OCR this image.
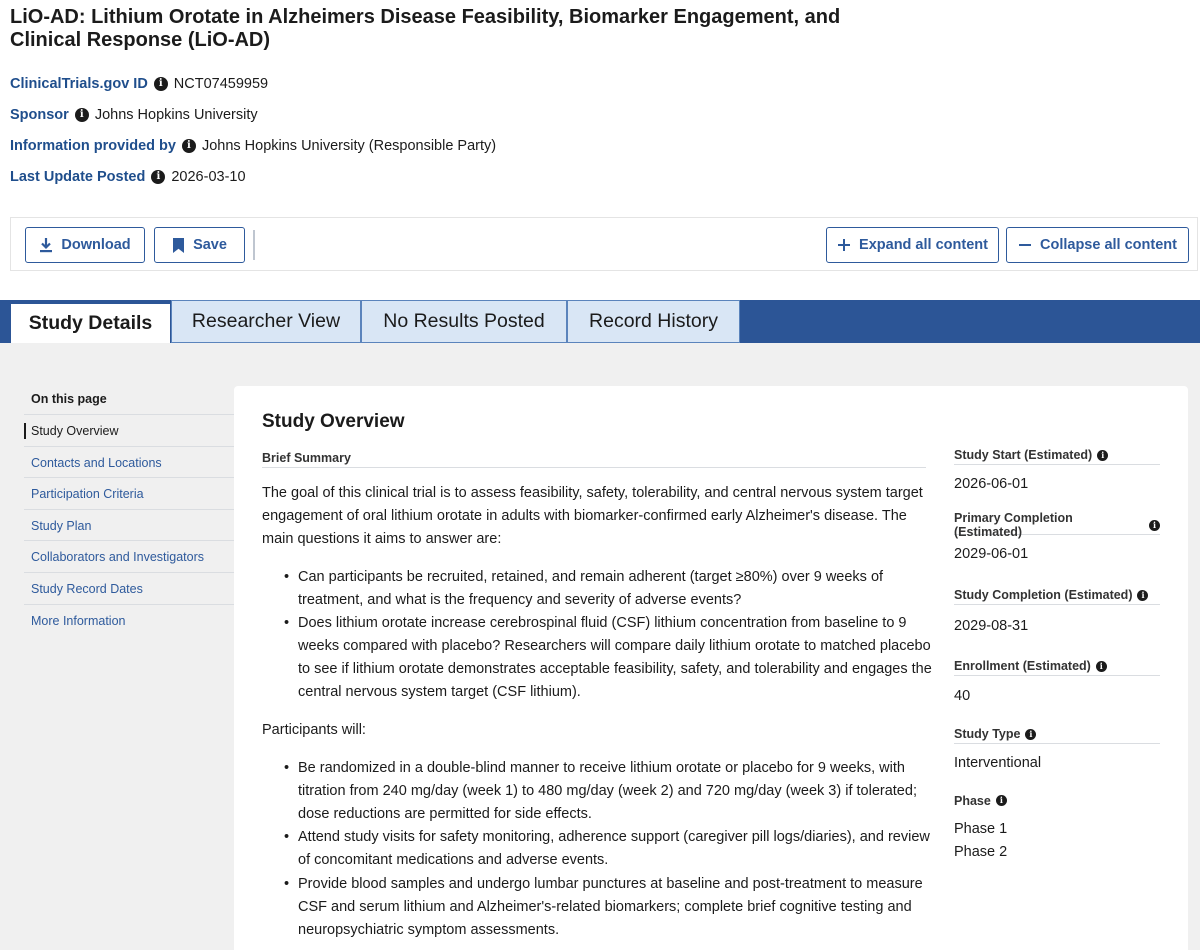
LiO-AD: Lithium Orotate in Alzheimers Disease Feasibility, Biomarker Engagement, and Clinical Response (LiO-AD)
ClinicalTrials.gov ID	i NCT07459959
Sponsor	i Johns Hopkins University
Information provided by	i Johns Hopkins University (Responsible Party)
Last Update Posted	i 2026-03-10
Download	Save	Expand all content	Collapse all content
Study Details	Researcher View	No Results Posted	Record History
On this page
Study Overview
Contacts and Locations
Participation Criteria
Study Plan
Collaborators and Investigators
Study Record Dates
More Information
Study Overview
Brief Summary
The goal of this clinical trial is to assess feasibility, safety, tolerability, and central nervous system target engagement of oral lithium orotate in adults with biomarker-confirmed early Alzheimer's disease. The main questions it aims to answer are:
• Can participants be recruited, retained, and remain adherent (target ≥80%) over 9 weeks of treatment, and what is the frequency and severity of adverse events?
• Does lithium orotate increase cerebrospinal fluid (CSF) lithium concentration from baseline to 9 weeks compared with placebo? Researchers will compare daily lithium orotate to matched placebo to see if lithium orotate demonstrates acceptable feasibility, safety, and tolerability and engages the central nervous system target (CSF lithium).
Participants will:
• Be randomized in a double-blind manner to receive lithium orotate or placebo for 9 weeks, with titration from 240 mg/day (week 1) to 480 mg/day (week 2) and 720 mg/day (week 3) if tolerated; dose reductions are permitted for side effects.
• Attend study visits for safety monitoring, adherence support (caregiver pill logs/diaries), and review of concomitant medications and adverse events.
• Provide blood samples and undergo lumbar punctures at baseline and post-treatment to measure CSF and serum lithium and Alzheimer's-related biomarkers; complete brief cognitive testing and neuropsychiatric symptom assessments.
Study Start (Estimated)	i
2026-06-01
Primary Completion (Estimated)
i
2029-06-01
Study Completion (Estimated)	i
2029-08-31
Enrollment (Estimated)	i
40
Study Type	i
Interventional
Phase	i
Phase 1
Phase 2
